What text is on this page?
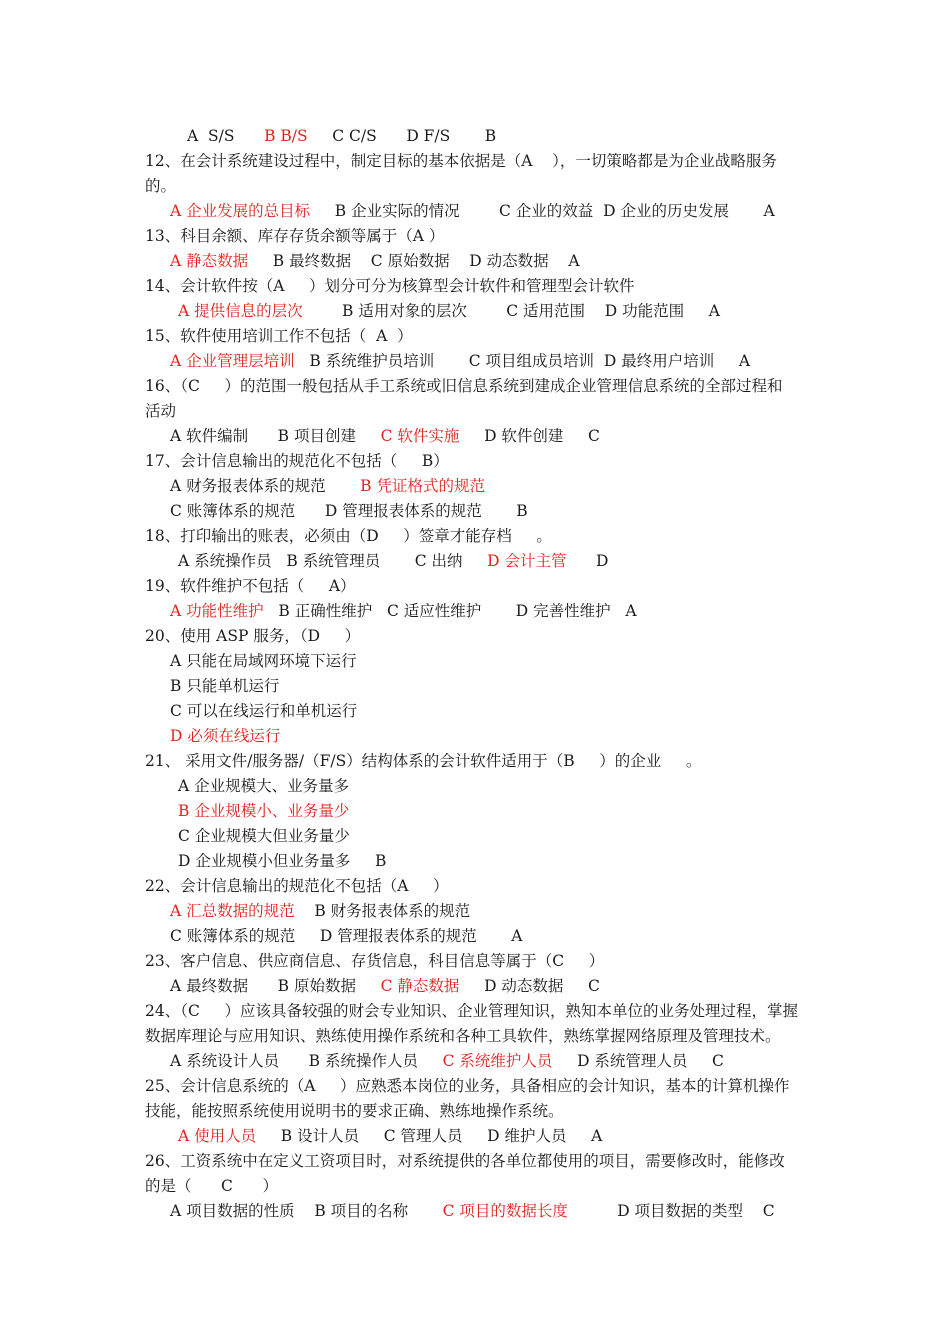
A  S/S      B B/S     C C/S      D F/S       B
12、在会计系统建设过程中，制定目标的基本依据是（A    ），一切策略都是为企业战略服务
的。
A 企业发展的总目标     B 企业实际的情况        C 企业的效益  D 企业的历史发展       A
13、科目余额、库存存货余额等属于（A ）
A 静态数据     B 最终数据    C 原始数据    D 动态数据    A
14、会计软件按（A     ）划分可分为核算型会计软件和管理型会计软件
A 提供信息的层次        B 适用对象的层次        C 适用范围    D 功能范围     A
15、软件使用培训工作不包括（  A  ）
A 企业管理层培训   B 系统维护员培训       C 项目组成员培训  D 最终用户培训     A
16、（C     ）的范围一般包括从手工系统或旧信息系统到建成企业管理信息系统的全部过程和
活动
A 软件编制      B 项目创建     C 软件实施     D 软件创建     C
17、会计信息输出的规范化不包括（     B）
A 财务报表体系的规范       B 凭证格式的规范
C 账簿体系的规范      D 管理报表体系的规范       B
18、打印输出的账表，必须由（D     ）签章才能存档     。
A 系统操作员   B 系统管理员       C 出纳     D 会计主管      D
19、软件维护不包括（     A）
A 功能性维护   B 正确性维护   C 适应性维护       D 完善性维护   A
20、使用 ASP 服务，（D     ）
A 只能在局域网环境下运行
B 只能单机运行
C 可以在线运行和单机运行
D 必须在线运行
21、 采用文件/服务器/（F/S）结构体系的会计软件适用于（B     ）的企业     。
A 企业规模大、业务量多
B 企业规模小、业务量少
C 企业规模大但业务量少
D 企业规模小但业务量多     B
22、会计信息输出的规范化不包括（A     ）
A 汇总数据的规范    B 财务报表体系的规范
C 账簿体系的规范     D 管理报表体系的规范       A
23、客户信息、供应商信息、存货信息，科目信息等属于（C     ）
A 最终数据      B 原始数据     C 静态数据     D 动态数据     C
24、（C     ）应该具备较强的财会专业知识、企业管理知识，熟知本单位的业务处理过程，掌握
数据库理论与应用知识、熟练使用操作系统和各种工具软件，熟练掌握网络原理及管理技术。
A 系统设计人员      B 系统操作人员     C 系统维护人员     D 系统管理人员     C
25、会计信息系统的（A     ）应熟悉本岗位的业务，具备相应的会计知识，基本的计算机操作
技能，能按照系统使用说明书的要求正确、熟练地操作系统。
A 使用人员     B 设计人员     C 管理人员     D 维护人员     A
26、工资系统中在定义工资项目时，对系统提供的各单位都使用的项目，需要修改时，能修改
的是（      C      ）
A 项目数据的性质    B 项目的名称       C 项目的数据长度          D 项目数据的类型    C
